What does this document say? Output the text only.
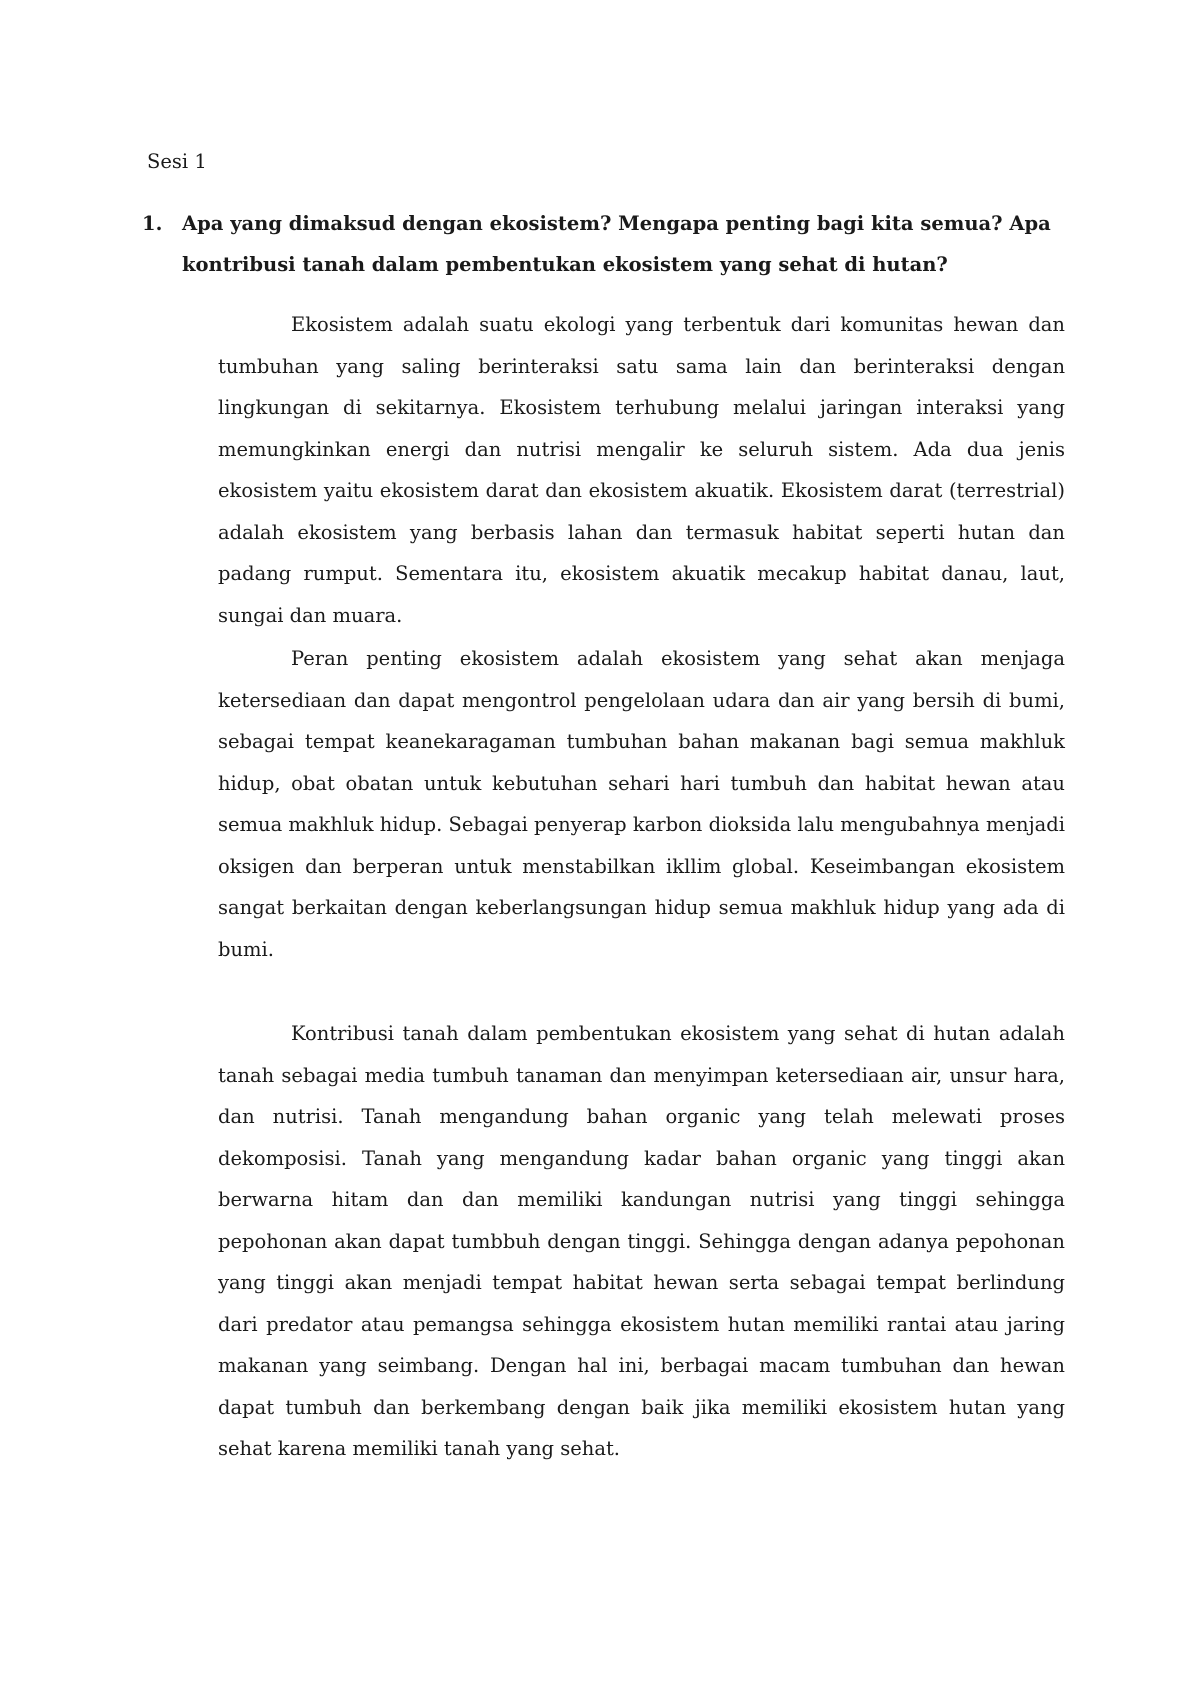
Sesi 1
1. Apa yang dimaksud dengan ekosistem? Mengapa penting bagi kita semua? Apa kontribusi tanah dalam pembentukan ekosistem yang sehat di hutan?

Ekosistem adalah suatu ekologi yang terbentuk dari komunitas hewan dan tumbuhan yang saling berinteraksi satu sama lain dan berinteraksi dengan lingkungan di sekitarnya. Ekosistem terhubung melalui jaringan interaksi yang memungkinkan energi dan nutrisi mengalir ke seluruh sistem. Ada dua jenis ekosistem yaitu ekosistem darat dan ekosistem akuatik. Ekosistem darat (terrestrial) adalah ekosistem yang berbasis lahan dan termasuk habitat seperti hutan dan padang rumput. Sementara itu, ekosistem akuatik mecakup habitat danau, laut, sungai dan muara.

Peran penting ekosistem adalah ekosistem yang sehat akan menjaga ketersediaan dan dapat mengontrol pengelolaan udara dan air yang bersih di bumi, sebagai tempat keanekaragaman tumbuhan bahan makanan bagi semua makhluk hidup, obat obatan untuk kebutuhan sehari hari tumbuh dan habitat hewan atau semua makhluk hidup. Sebagai penyerap karbon dioksida lalu mengubahnya menjadi oksigen dan berperan untuk menstabilkan ikllim global. Keseimbangan ekosistem sangat berkaitan dengan keberlangsungan hidup semua makhluk hidup yang ada di bumi.

Kontribusi tanah dalam pembentukan ekosistem yang sehat di hutan adalah tanah sebagai media tumbuh tanaman dan menyimpan ketersediaan air, unsur hara, dan nutrisi. Tanah mengandung bahan organic yang telah melewati proses dekomposisi. Tanah yang mengandung kadar bahan organic yang tinggi akan berwarna hitam dan dan memiliki kandungan nutrisi yang tinggi sehingga pepohonan akan dapat tumbbuh dengan tinggi. Sehingga dengan adanya pepohonan yang tinggi akan menjadi tempat habitat hewan serta sebagai tempat berlindung dari predator atau pemangsa sehingga ekosistem hutan memiliki rantai atau jaring makanan yang seimbang. Dengan hal ini, berbagai macam tumbuhan dan hewan dapat tumbuh dan berkembang dengan baik jika memiliki ekosistem hutan yang sehat karena memiliki tanah yang sehat.
